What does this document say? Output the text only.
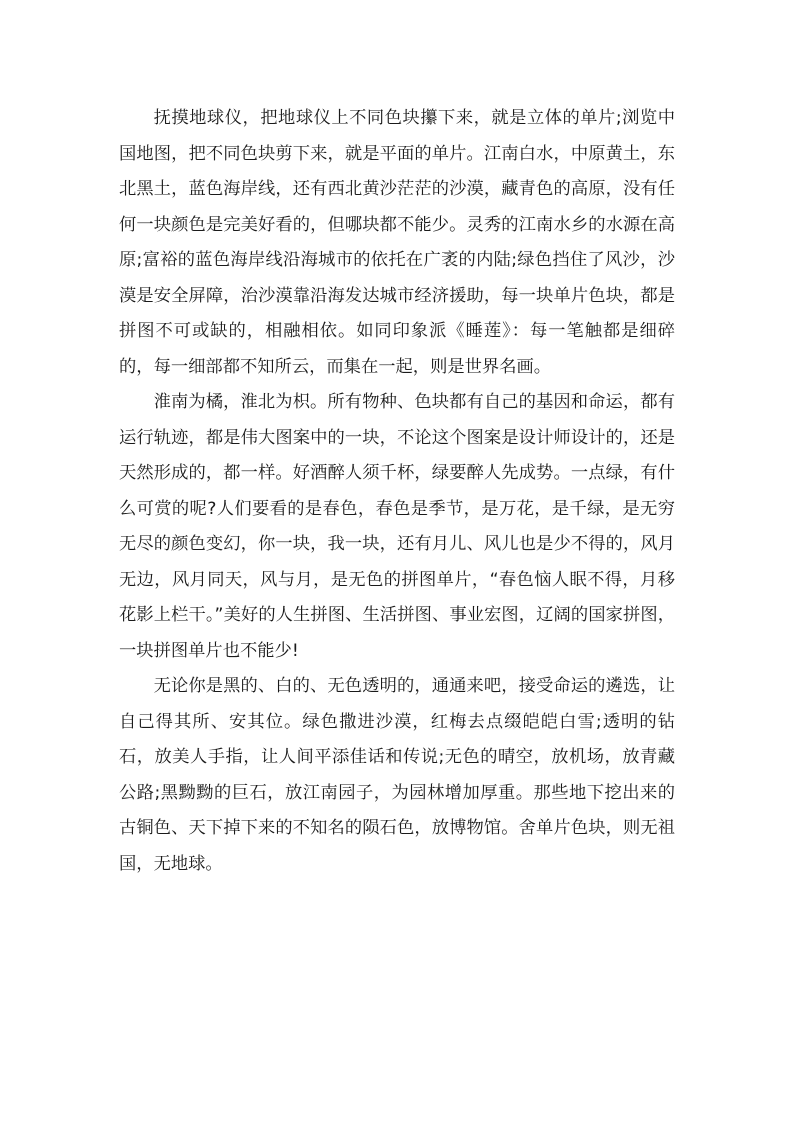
抚摸地球仪，把地球仪上不同色块攥下来，就是立体的单片;浏览中国地图，把不同色块剪下来，就是平面的单片。江南白水，中原黄土，东北黑土，蓝色海岸线，还有西北黄沙茫茫的沙漠，藏青色的高原，没有任何一块颜色是完美好看的，但哪块都不能少。灵秀的江南水乡的水源在高原;富裕的蓝色海岸线沿海城市的依托在广袤的内陆;绿色挡住了风沙，沙漠是安全屏障，治沙漠靠沿海发达城市经济援助，每一块单片色块，都是拼图不可或缺的，相融相依。如同印象派《睡莲》：每一笔触都是细碎的，每一细部都不知所云，而集在一起，则是世界名画。

淮南为橘，淮北为枳。所有物种、色块都有自己的基因和命运，都有运行轨迹，都是伟大图案中的一块，不论这个图案是设计师设计的，还是天然形成的，都一样。好酒醉人须千杯，绿要醉人先成势。一点绿，有什么可赏的呢?人们要看的是春色，春色是季节，是万花，是千绿，是无穷无尽的颜色变幻，你一块，我一块，还有月儿、风儿也是少不得的，风月无边，风月同天，风与月，是无色的拼图单片，“春色恼人眠不得，月移花影上栏干。”美好的人生拼图、生活拼图、事业宏图，辽阔的国家拼图，一块拼图单片也不能少!

无论你是黑的、白的、无色透明的，通通来吧，接受命运的遴选，让自己得其所、安其位。绿色撒进沙漠，红梅去点缀皑皑白雪;透明的钻石，放美人手指，让人间平添佳话和传说;无色的晴空，放机场，放青藏公路;黑黝黝的巨石，放江南园子，为园林增加厚重。那些地下挖出来的古铜色、天下掉下来的不知名的陨石色，放博物馆。舍单片色块，则无祖国，无地球。
